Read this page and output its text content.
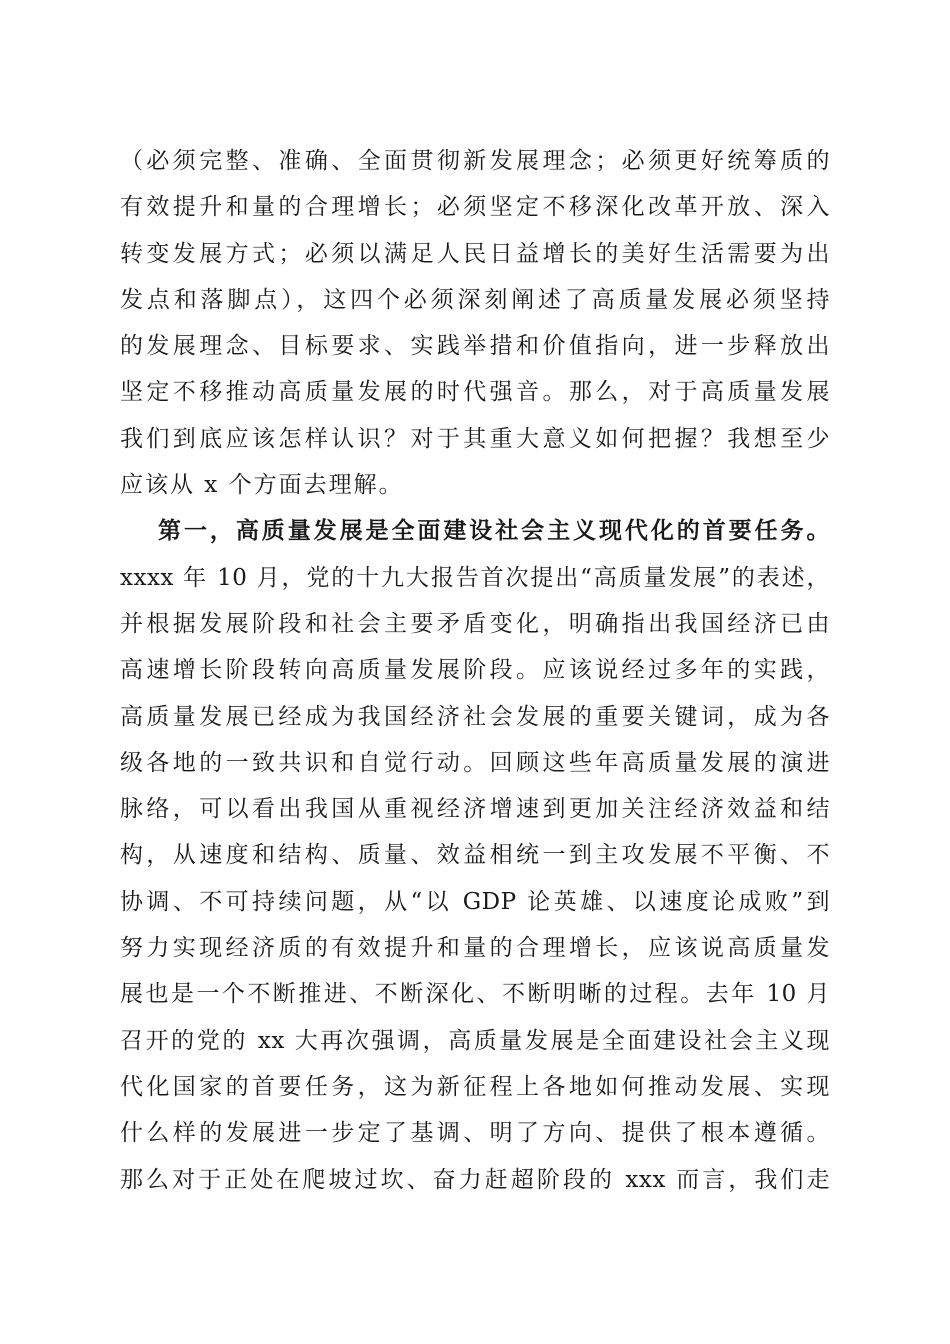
（必须完整、准确、全面贯彻新发展理念；必须更好统筹质的
有效提升和量的合理增长；必须坚定不移深化改革开放、深入
转变发展方式；必须以满足人民日益增长的美好生活需要为出
发点和落脚点），这四个必须深刻阐述了高质量发展必须坚持
的发展理念、目标要求、实践举措和价值指向，进一步释放出
坚定不移推动高质量发展的时代强音。那么，对于高质量发展
我们到底应该怎样认识？对于其重大意义如何把握？我想至少
应该从 x 个方面去理解。
第一，高质量发展是全面建设社会主义现代化的首要任务。
xxxx 年 10 月，党的十九大报告首次提出“高质量发展”的表述，
并根据发展阶段和社会主要矛盾变化，明确指出我国经济已由
高速增长阶段转向高质量发展阶段。应该说经过多年的实践，
高质量发展已经成为我国经济社会发展的重要关键词，成为各
级各地的一致共识和自觉行动。回顾这些年高质量发展的演进
脉络，可以看出我国从重视经济增速到更加关注经济效益和结
构，从速度和结构、质量、效益相统一到主攻发展不平衡、不
协调、不可持续问题，从“以 GDP 论英雄、以速度论成败”到
努力实现经济质的有效提升和量的合理增长，应该说高质量发
展也是一个不断推进、不断深化、不断明晰的过程。去年 10 月
召开的党的 xx 大再次强调，高质量发展是全面建设社会主义现
代化国家的首要任务，这为新征程上各地如何推动发展、实现
什么样的发展进一步定了基调、明了方向、提供了根本遵循。
那么对于正处在爬坡过坎、奋力赶超阶段的 xxx 而言，我们走
